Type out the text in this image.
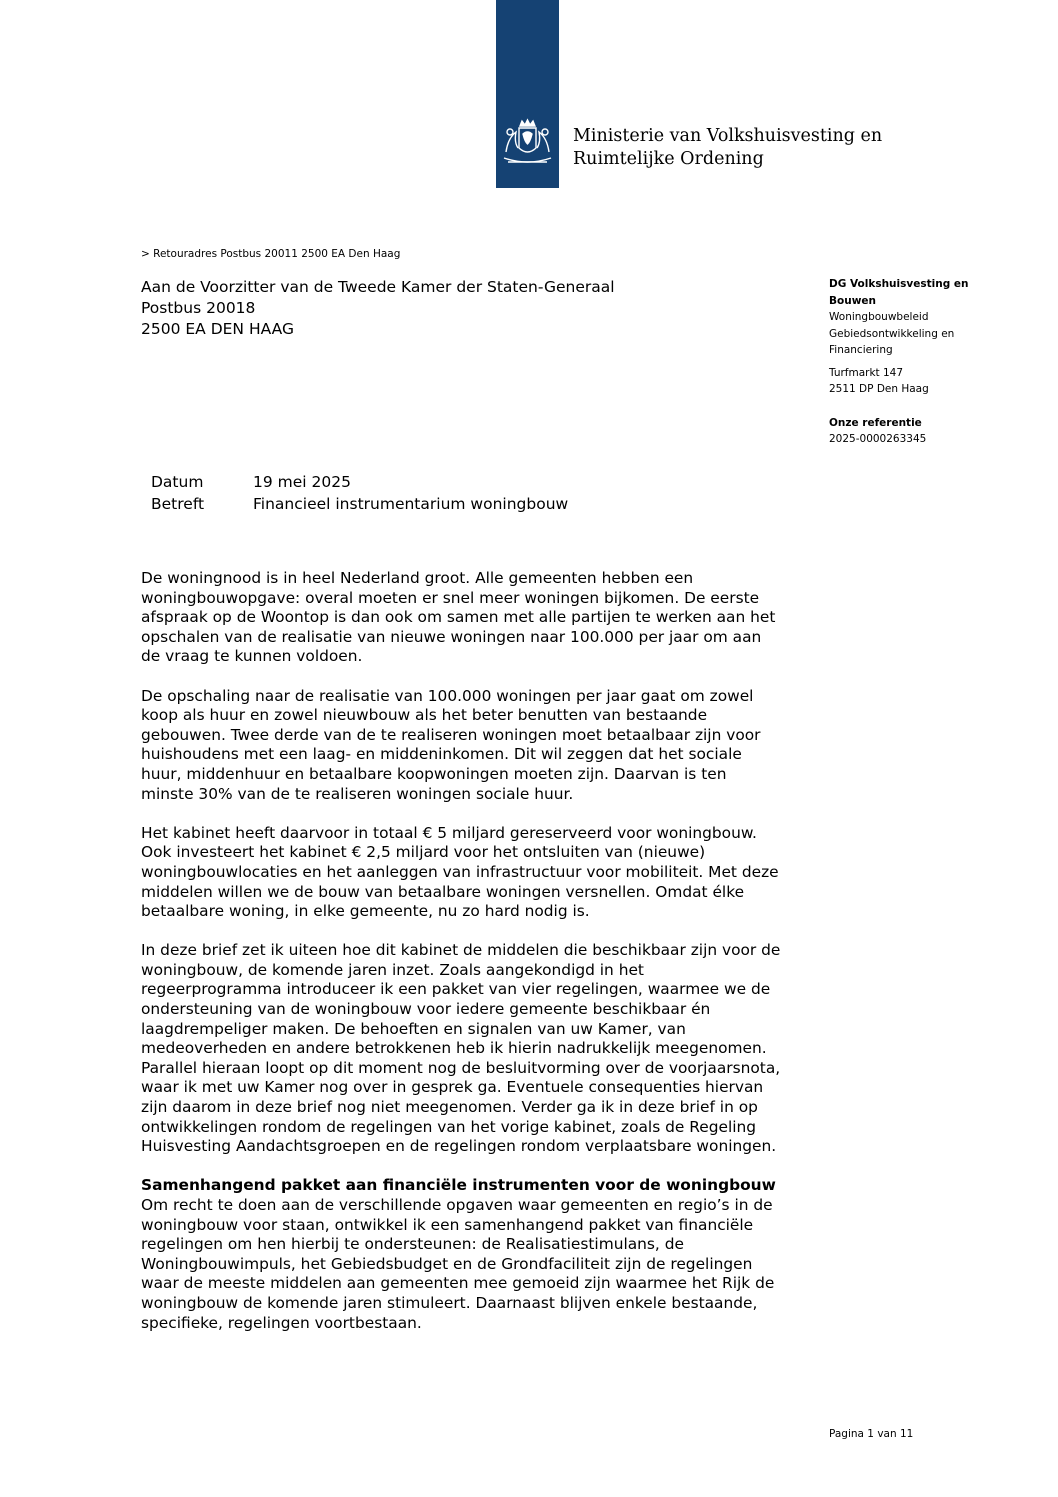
Ministerie van Volkshuisvesting en
Ruimtelijke Ordening
> Retouradres Postbus 20011 2500 EA Den Haag
Aan de Voorzitter van de Tweede Kamer der Staten-Generaal
Postbus 20018
2500 EA DEN HAAG
DG Volkshuisvesting en
Bouwen
Woningbouwbeleid
Gebiedsontwikkeling en
Financiering
Turfmarkt 147
2511 DP Den Haag
Onze referentie
2025-0000263345
Datum	19 mei 2025
Betreft	Financieel instrumentarium woningbouw

De woningnood is in heel Nederland groot. Alle gemeenten hebben een
woningbouwopgave: overal moeten er snel meer woningen bijkomen. De eerste
afspraak op de Woontop is dan ook om samen met alle partijen te werken aan het
opschalen van de realisatie van nieuwe woningen naar 100.000 per jaar om aan
de vraag te kunnen voldoen.

De opschaling naar de realisatie van 100.000 woningen per jaar gaat om zowel
koop als huur en zowel nieuwbouw als het beter benutten van bestaande
gebouwen. Twee derde van de te realiseren woningen moet betaalbaar zijn voor
huishoudens met een laag- en middeninkomen. Dit wil zeggen dat het sociale
huur, middenhuur en betaalbare koopwoningen moeten zijn. Daarvan is ten
minste 30% van de te realiseren woningen sociale huur.

Het kabinet heeft daarvoor in totaal € 5 miljard gereserveerd voor woningbouw.
Ook investeert het kabinet € 2,5 miljard voor het ontsluiten van (nieuwe)
woningbouwlocaties en het aanleggen van infrastructuur voor mobiliteit. Met deze
middelen willen we de bouw van betaalbare woningen versnellen. Omdat élke
betaalbare woning, in elke gemeente, nu zo hard nodig is.

In deze brief zet ik uiteen hoe dit kabinet de middelen die beschikbaar zijn voor de
woningbouw, de komende jaren inzet. Zoals aangekondigd in het
regeerprogramma introduceer ik een pakket van vier regelingen, waarmee we de
ondersteuning van de woningbouw voor iedere gemeente beschikbaar én
laagdrempeliger maken. De behoeften en signalen van uw Kamer, van
medeoverheden en andere betrokkenen heb ik hierin nadrukkelijk meegenomen.
Parallel hieraan loopt op dit moment nog de besluitvorming over de voorjaarsnota,
waar ik met uw Kamer nog over in gesprek ga. Eventuele consequenties hiervan
zijn daarom in deze brief nog niet meegenomen. Verder ga ik in deze brief in op
ontwikkelingen rondom de regelingen van het vorige kabinet, zoals de Regeling
Huisvesting Aandachtsgroepen en de regelingen rondom verplaatsbare woningen.

Samenhangend pakket aan financiële instrumenten voor de woningbouw

Om recht te doen aan de verschillende opgaven waar gemeenten en regio’s in de
woningbouw voor staan, ontwikkel ik een samenhangend pakket van financiële
regelingen om hen hierbij te ondersteunen: de Realisatiestimulans, de
Woningbouwimpuls, het Gebiedsbudget en de Grondfaciliteit zijn de regelingen
waar de meeste middelen aan gemeenten mee gemoeid zijn waarmee het Rijk de
woningbouw de komende jaren stimuleert. Daarnaast blijven enkele bestaande,
specifieke, regelingen voortbestaan.

Pagina 1 van 11
